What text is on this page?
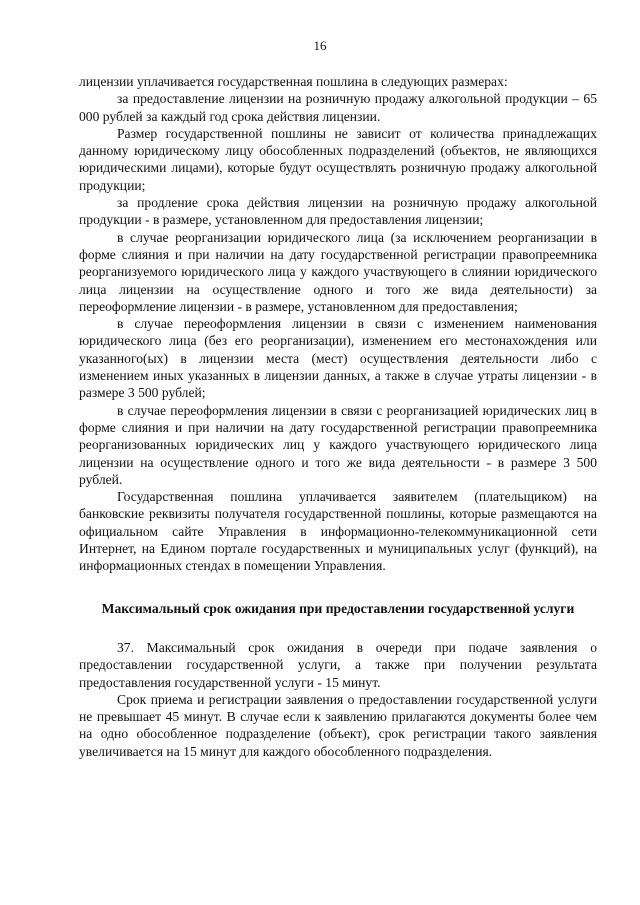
16

лицензии уплачивается государственная пошлина в следующих размерах:

за предоставление лицензии на розничную продажу алкогольной продукции – 65 000 рублей за каждый год срока действия лицензии.

Размер государственной пошлины не зависит от количества принадлежащих данному юридическому лицу обособленных подразделений (объектов, не являющихся юридическими лицами), которые будут осуществлять розничную продажу алкогольной продукции;

за продление срока действия лицензии на розничную продажу алкогольной продукции - в размере, установленном для предоставления лицензии;

в случае реорганизации юридического лица (за исключением реорганизации в форме слияния и при наличии на дату государственной регистрации правопреемника реорганизуемого юридического лица у каждого участвующего в слиянии юридического лица лицензии на осуществление одного и того же вида деятельности) за переоформление лицензии - в размере, установленном для предоставления;

в случае переоформления лицензии в связи с изменением наименования юридического лица (без его реорганизации), изменением его местонахождения или указанного(ых) в лицензии места (мест) осуществления деятельности либо с изменением иных указанных в лицензии данных, а также в случае утраты лицензии - в размере 3 500 рублей;

в случае переоформления лицензии в связи с реорганизацией юридических лиц в форме слияния и при наличии на дату государственной регистрации правопреемника реорганизованных юридических лиц у каждого участвующего юридического лица лицензии на осуществление одного и того же вида деятельности - в размере 3 500 рублей.

Государственная пошлина уплачивается заявителем (плательщиком) на банковские реквизиты получателя государственной пошлины, которые размещаются на официальном сайте Управления в информационно-телекоммуникационной сети Интернет, на Едином портале государственных и муниципальных услуг (функций), на информационных стендах в помещении Управления.

Максимальный срок ожидания при предоставлении государственной услуги

37. Максимальный срок ожидания в очереди при подаче заявления о предоставлении государственной услуги, а также при получении результата предоставления государственной услуги - 15 минут.

Срок приема и регистрации заявления о предоставлении государственной услуги не превышает 45 минут. В случае если к заявлению прилагаются документы более чем на одно обособленное подразделение (объект), срок регистрации такого заявления увеличивается на 15 минут для каждого обособленного подразделения.
